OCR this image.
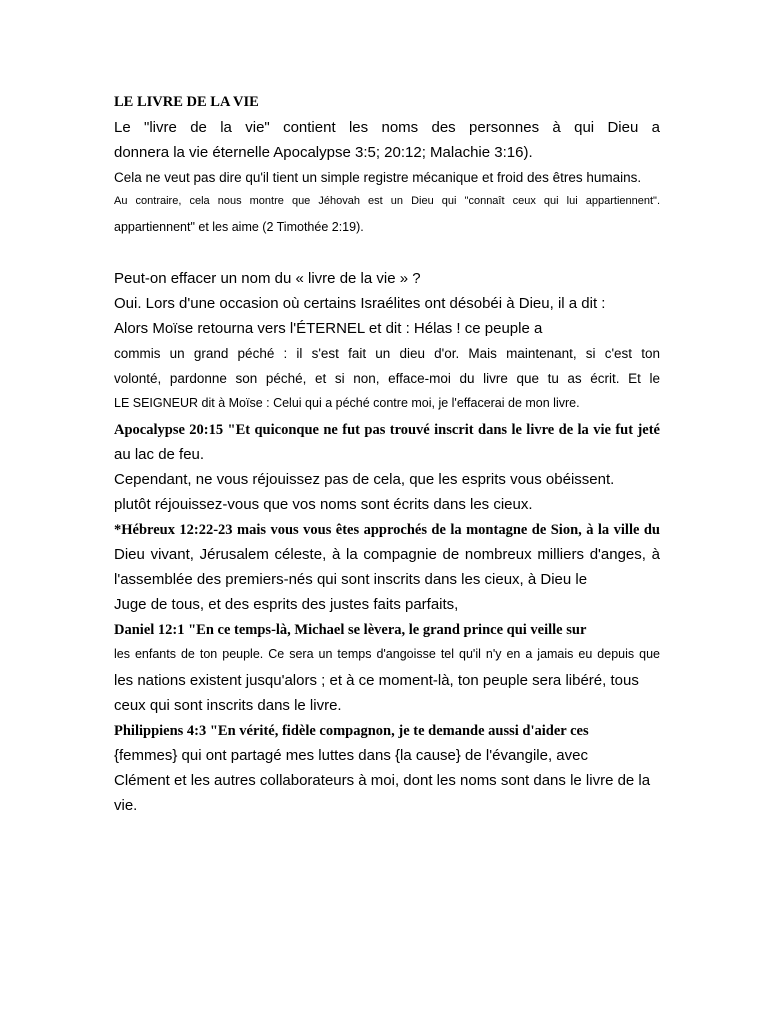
LE LIVRE DE LA VIE
Le "livre de la vie" contient les noms des personnes à qui Dieu a
donnera la vie éternelle Apocalypse 3:5; 20:12; Malachie 3:16).
Cela ne veut pas dire qu'il tient un simple registre mécanique et froid des êtres humains.
Au contraire, cela nous montre que Jéhovah est un Dieu qui "connaît ceux qui lui appartiennent".
appartiennent" et les aime (2 Timothée 2:19).
Peut-on effacer un nom du « livre de la vie » ?
Oui. Lors d'une occasion où certains Israélites ont désobéi à Dieu, il a dit :
Alors Moïse retourna vers l'ÉTERNEL et dit : Hélas ! ce peuple a
commis un grand péché : il s'est fait un dieu d'or. Mais maintenant, si c'est ton
volonté, pardonne son péché, et si non, efface-moi du livre que tu as écrit. Et le
LE SEIGNEUR dit à Moïse : Celui qui a péché contre moi, je l'effacerai de mon livre.
Apocalypse 20:15 "Et quiconque ne fut pas trouvé inscrit dans le livre de la vie fut jeté
au lac de feu.
Cependant, ne vous réjouissez pas de cela, que les esprits vous obéissent.
plutôt réjouissez-vous que vos noms sont écrits dans les cieux.
*Hébreux 12:22-23 mais vous vous êtes approchés de la montagne de Sion, à la ville du
Dieu vivant, Jérusalem céleste, à la compagnie de nombreux milliers d'anges, à
l'assemblée des premiers-nés qui sont inscrits dans les cieux, à Dieu le
Juge de tous, et des esprits des justes faits parfaits,
Daniel 12:1 "En ce temps-là, Michael se lèvera, le grand prince qui veille sur
les enfants de ton peuple. Ce sera un temps d'angoisse tel qu'il n'y en a jamais eu depuis que
les nations existent jusqu'alors ; et à ce moment-là, ton peuple sera libéré, tous
ceux qui sont inscrits dans le livre.
Philippiens 4:3 "En vérité, fidèle compagnon, je te demande aussi d'aider ces
{femmes} qui ont partagé mes luttes dans {la cause} de l'évangile, avec
Clément et les autres collaborateurs à moi, dont les noms sont dans le livre de la
vie.
